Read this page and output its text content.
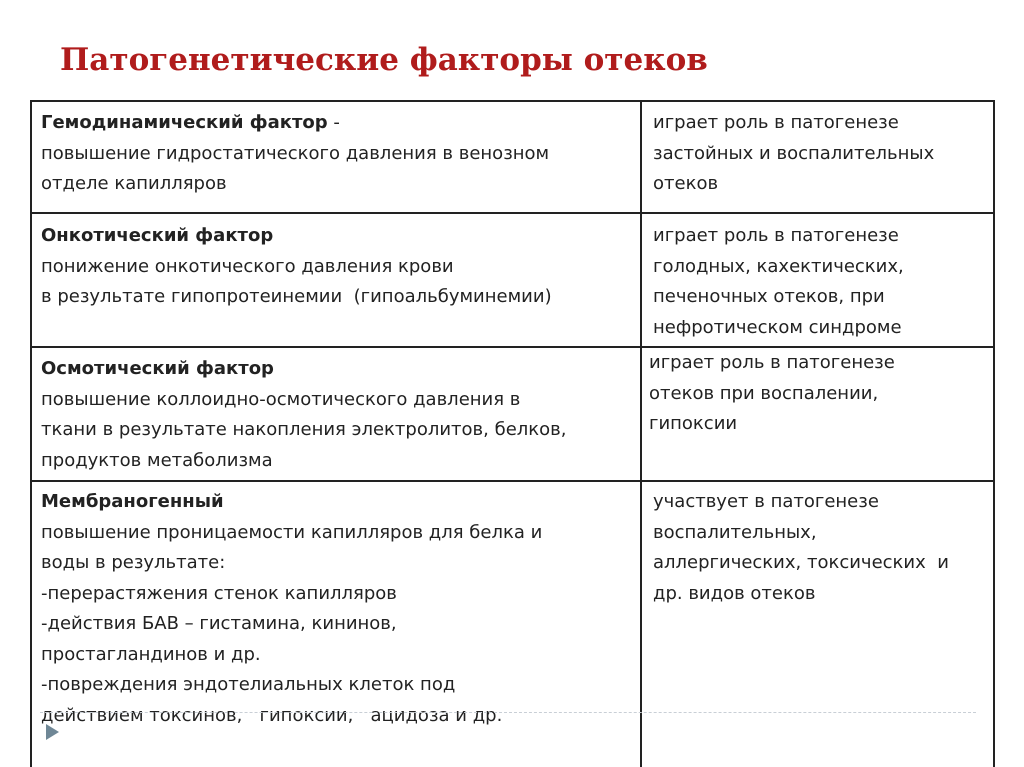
Патогенетические факторы отеков
Гемодинамический фактор -
повышение гидростатического давления в венозном
отделе капилляров
играет роль в патогенезе
застойных и воспалительных
отеков
Онкотический фактор
понижение онкотического давления крови
в результате гипопротеинемии  (гипоальбуминемии)
играет роль в патогенезе
голодных, кахектических,
печеночных отеков, при
нефротическом синдроме
Осмотический фактор
повышение коллоидно-осмотического давления в
ткани в результате накопления электролитов, белков,
продуктов метаболизма
играет роль в патогенезе
отеков при воспалении,
гипоксии
Мембраногенный
повышение проницаемости капилляров для белка и
воды в результате:
-перерастяжения стенок капилляров
-действия БАВ – гистамина, кининов,
простагландинов и др.
-повреждения эндотелиальных клеток под
действием токсинов,   гипоксии,   ацидоза и др.
участвует в патогенезе
воспалительных,
аллергических, токсических  и
др. видов отеков
